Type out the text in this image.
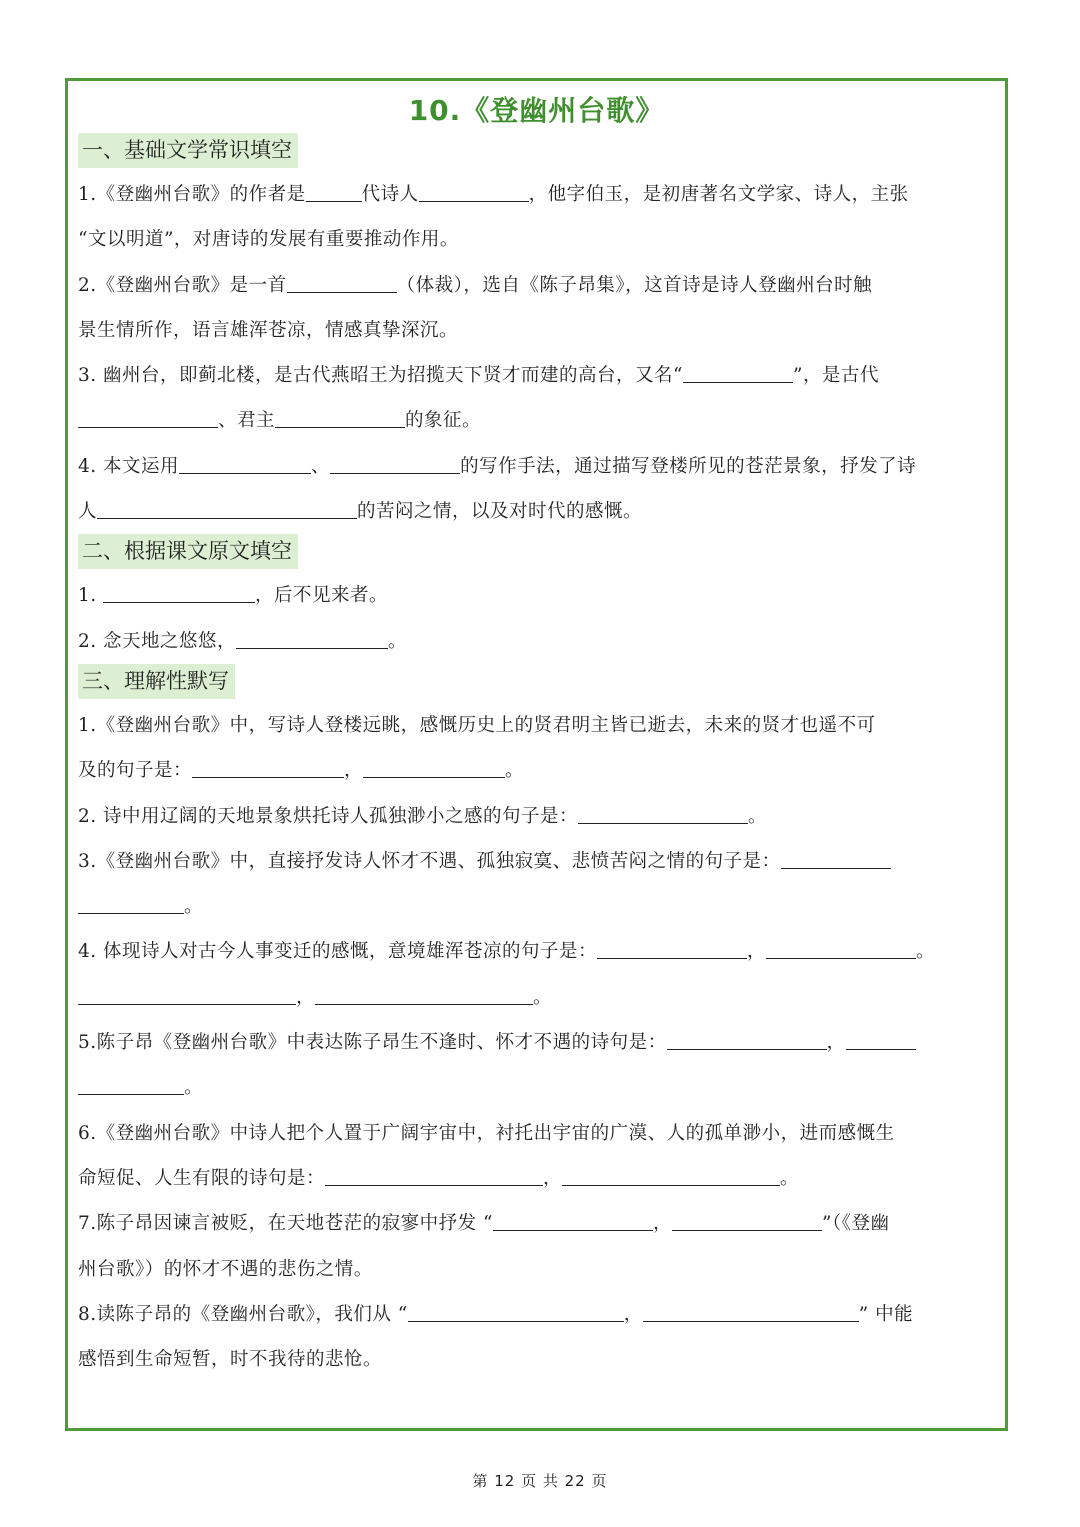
10.《登幽州台歌》
一、基础文学常识填空

1.《登幽州台歌》的作者是	代诗人	，他字伯玉，是初唐著名文学家、诗人，主张
“文以明道”，对唐诗的发展有重要推动作用。

2.《登幽州台歌》是一首	（体裁），选自《陈子昂集》，这首诗是诗人登幽州台时触
景生情所作，语言雄浑苍凉，情感真挚深沉。

3. 幽州台，即蓟北楼，是古代燕昭王为招揽天下贤才而建的高台，又名“	”，是古代
、君主	的象征。

4. 本文运用	、	的写作手法，通过描写登楼所见的苍茫景象，抒发了诗
人	的苦闷之情，以及对时代的感慨。

二、根据课文原文填空

1.	，后不见来者。

2. 念天地之悠悠，	。

三、理解性默写

1.《登幽州台歌》中，写诗人登楼远眺，感慨历史上的贤君明主皆已逝去，未来的贤才也遥不可
及的句子是：	，	。

2. 诗中用辽阔的天地景象烘托诗人孤独渺小之感的句子是：	。

3.《登幽州台歌》中，直接抒发诗人怀才不遇、孤独寂寞、悲愤苦闷之情的句子是：
。

4. 体现诗人对古今人事变迁的感慨，意境雄浑苍凉的句子是：	，	。
，	。

5.陈子昂《登幽州台歌》中表达陈子昂生不逢时、怀才不遇的诗句是：	，
。

6.《登幽州台歌》中诗人把个人置于广阔宇宙中，衬托出宇宙的广漠、人的孤单渺小，进而感慨生
命短促、人生有限的诗句是：	，	。

7.陈子昂因谏言被贬，在天地苍茫的寂寥中抒发 “	，	”（《登幽
州台歌》）的怀才不遇的悲伤之情。

8.读陈子昂的《登幽州台歌》，我们从 “	，	” 中能
感悟到生命短暂，时不我待的悲怆。

第 12 页 共 22 页
